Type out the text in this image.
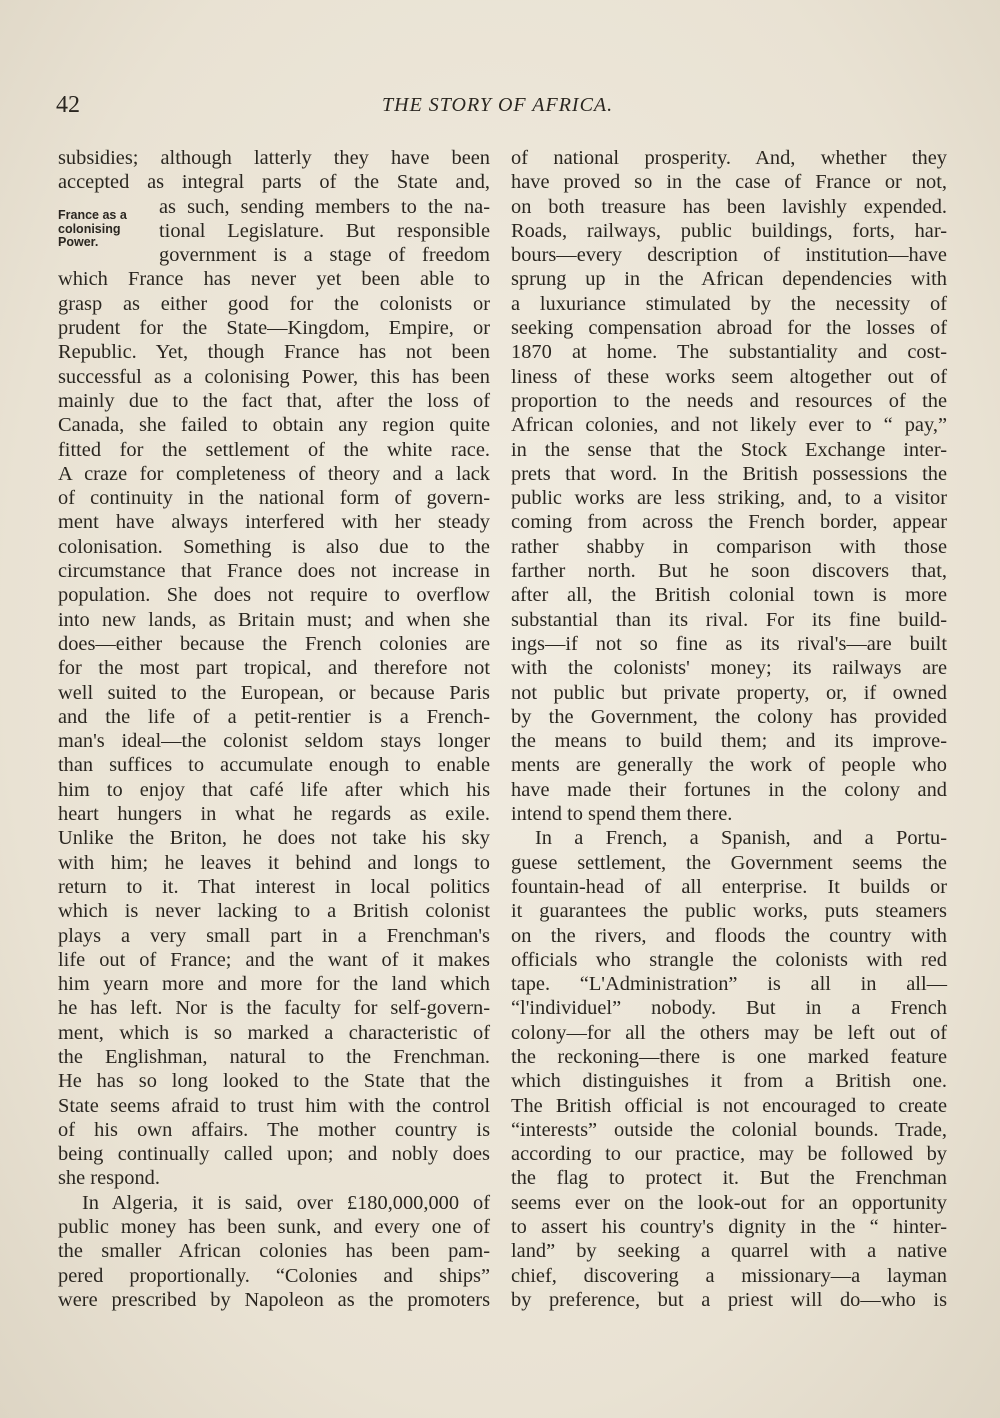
42	THE STORY OF AFRICA.
France as a
colonising
Power.
subsidies; although latterly they have been
accepted as integral parts of the State and,
as such, sending members to the na-
tional Legislature. But responsible
government is a stage of freedom
which France has never yet been able to
grasp as either good for the colonists or
prudent for the State—Kingdom, Empire, or
Republic. Yet, though France has not been
successful as a colonising Power, this has been
mainly due to the fact that, after the loss of
Canada, she failed to obtain any region quite
fitted for the settlement of the white race.
A craze for completeness of theory and a lack
of continuity in the national form of govern-
ment have always interfered with her steady
colonisation. Something is also due to the
circumstance that France does not increase in
population. She does not require to overflow
into new lands, as Britain must; and when she
does—either because the French colonies are
for the most part tropical, and therefore not
well suited to the European, or because Paris
and the life of a petit-rentier is a French-
man's ideal—the colonist seldom stays longer
than suffices to accumulate enough to enable
him to enjoy that café life after which his
heart hungers in what he regards as exile.
Unlike the Briton, he does not take his sky
with him; he leaves it behind and longs to
return to it. That interest in local politics
which is never lacking to a British colonist
plays a very small part in a Frenchman's
life out of France; and the want of it makes
him yearn more and more for the land which
he has left. Nor is the faculty for self-govern-
ment, which is so marked a characteristic of
the Englishman, natural to the Frenchman.
He has so long looked to the State that the
State seems afraid to trust him with the control
of his own affairs. The mother country is
being continually called upon; and nobly does
she respond.
In Algeria, it is said, over £180,000,000 of
public money has been sunk, and every one of
the smaller African colonies has been pam-
pered proportionally. “Colonies and ships”
were prescribed by Napoleon as the promoters
of national prosperity. And, whether they
have proved so in the case of France or not,
on both treasure has been lavishly expended.
Roads, railways, public buildings, forts, har-
bours—every description of institution—have
sprung up in the African dependencies with
a luxuriance stimulated by the necessity of
seeking compensation abroad for the losses of
1870 at home. The substantiality and cost-
liness of these works seem altogether out of
proportion to the needs and resources of the
African colonies, and not likely ever to “ pay,”
in the sense that the Stock Exchange inter-
prets that word. In the British possessions the
public works are less striking, and, to a visitor
coming from across the French border, appear
rather shabby in comparison with those
farther north. But he soon discovers that,
after all, the British colonial town is more
substantial than its rival. For its fine build-
ings—if not so fine as its rival's—are built
with the colonists' money; its railways are
not public but private property, or, if owned
by the Government, the colony has provided
the means to build them; and its improve-
ments are generally the work of people who
have made their fortunes in the colony and
intend to spend them there.
In a French, a Spanish, and a Portu-
guese settlement, the Government seems the
fountain-head of all enterprise. It builds or
it guarantees the public works, puts steamers
on the rivers, and floods the country with
officials who strangle the colonists with red
tape. “L'Administration” is all in all—
“l'individuel” nobody. But in a French
colony—for all the others may be left out of
the reckoning—there is one marked feature
which distinguishes it from a British one.
The British official is not encouraged to create
“interests” outside the colonial bounds. Trade,
according to our practice, may be followed by
the flag to protect it. But the Frenchman
seems ever on the look-out for an opportunity
to assert his country's dignity in the “ hinter-
land” by seeking a quarrel with a native
chief, discovering a missionary—a layman
by preference, but a priest will do—who is
